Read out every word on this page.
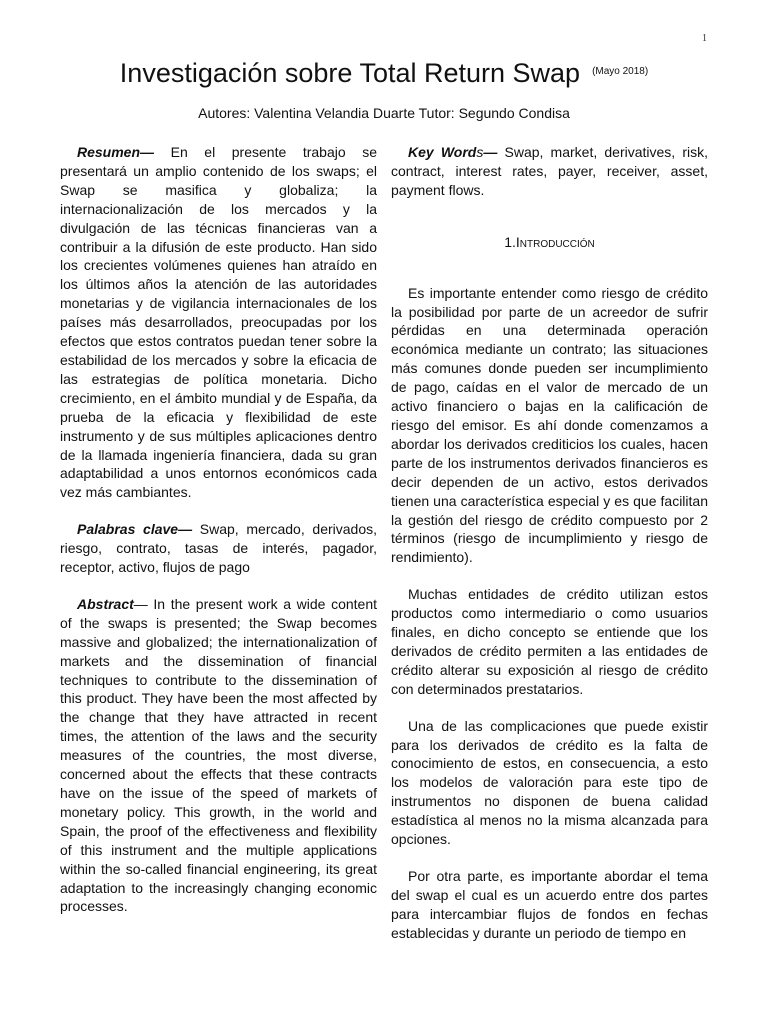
1
Investigación sobre Total Return Swap $^{(Mayo 2018)}$
Autores: Valentina Velandia Duarte Tutor: Segundo Condisa

Resumen— En el presente trabajo se presentará un amplio contenido de los swaps; el Swap se masifica y globaliza; la internacionalización de los mercados y la divulgación de las técnicas financieras van a contribuir a la difusión de este producto. Han sido los crecientes volúmenes quienes han atraído en los últimos años la atención de las autoridades monetarias y de vigilancia internacionales de los países más desarrollados, preocupadas por los efectos que estos contratos puedan tener sobre la estabilidad de los mercados y sobre la eficacia de las estrategias de política monetaria. Dicho crecimiento, en el ámbito mundial y de España, da prueba de la eficacia y flexibilidad de este instrumento y de sus múltiples aplicaciones dentro de la llamada ingeniería financiera, dada su gran adaptabilidad a unos entornos económicos cada vez más cambiantes.

Palabras clave— Swap, mercado, derivados, riesgo, contrato, tasas de interés, pagador, receptor, activo, flujos de pago

Abstract— In the present work a wide content of the swaps is presented; the Swap becomes massive and globalized; the internationalization of markets and the dissemination of financial techniques to contribute to the dissemination of this product. They have been the most affected by the change that they have attracted in recent times, the attention of the laws and the security measures of the countries, the most diverse, concerned about the effects that these contracts have on the issue of the speed of markets of monetary policy. This growth, in the world and Spain, the proof of the effectiveness and flexibility of this instrument and the multiple applications within the so-called financial engineering, its great adaptation to the increasingly changing economic processes.

Key Words— Swap, market, derivatives, risk, contract, interest rates, payer, receiver, asset, payment flows.

1.Introducción

Es importante entender como riesgo de crédito la posibilidad por parte de un acreedor de sufrir pérdidas en una determinada operación económica mediante un contrato; las situaciones más comunes donde pueden ser incumplimiento de pago, caídas en el valor de mercado de un activo financiero o bajas en la calificación de riesgo del emisor. Es ahí donde comenzamos a abordar los derivados crediticios los cuales, hacen parte de los instrumentos derivados financieros es decir dependen de un activo, estos derivados tienen una característica especial y es que facilitan la gestión del riesgo de crédito compuesto por 2 términos (riesgo de incumplimiento y riesgo de rendimiento).

Muchas entidades de crédito utilizan estos productos como intermediario o como usuarios finales, en dicho concepto se entiende que los derivados de crédito permiten a las entidades de crédito alterar su exposición al riesgo de crédito con determinados prestatarios.

Una de las complicaciones que puede existir para los derivados de crédito es la falta de conocimiento de estos, en consecuencia, a esto los modelos de valoración para este tipo de instrumentos no disponen de buena calidad estadística al menos no la misma alcanzada para opciones.

Por otra parte, es importante abordar el tema del swap el cual es un acuerdo entre dos partes para intercambiar flujos de fondos en fechas establecidas y durante un periodo de tiempo en
